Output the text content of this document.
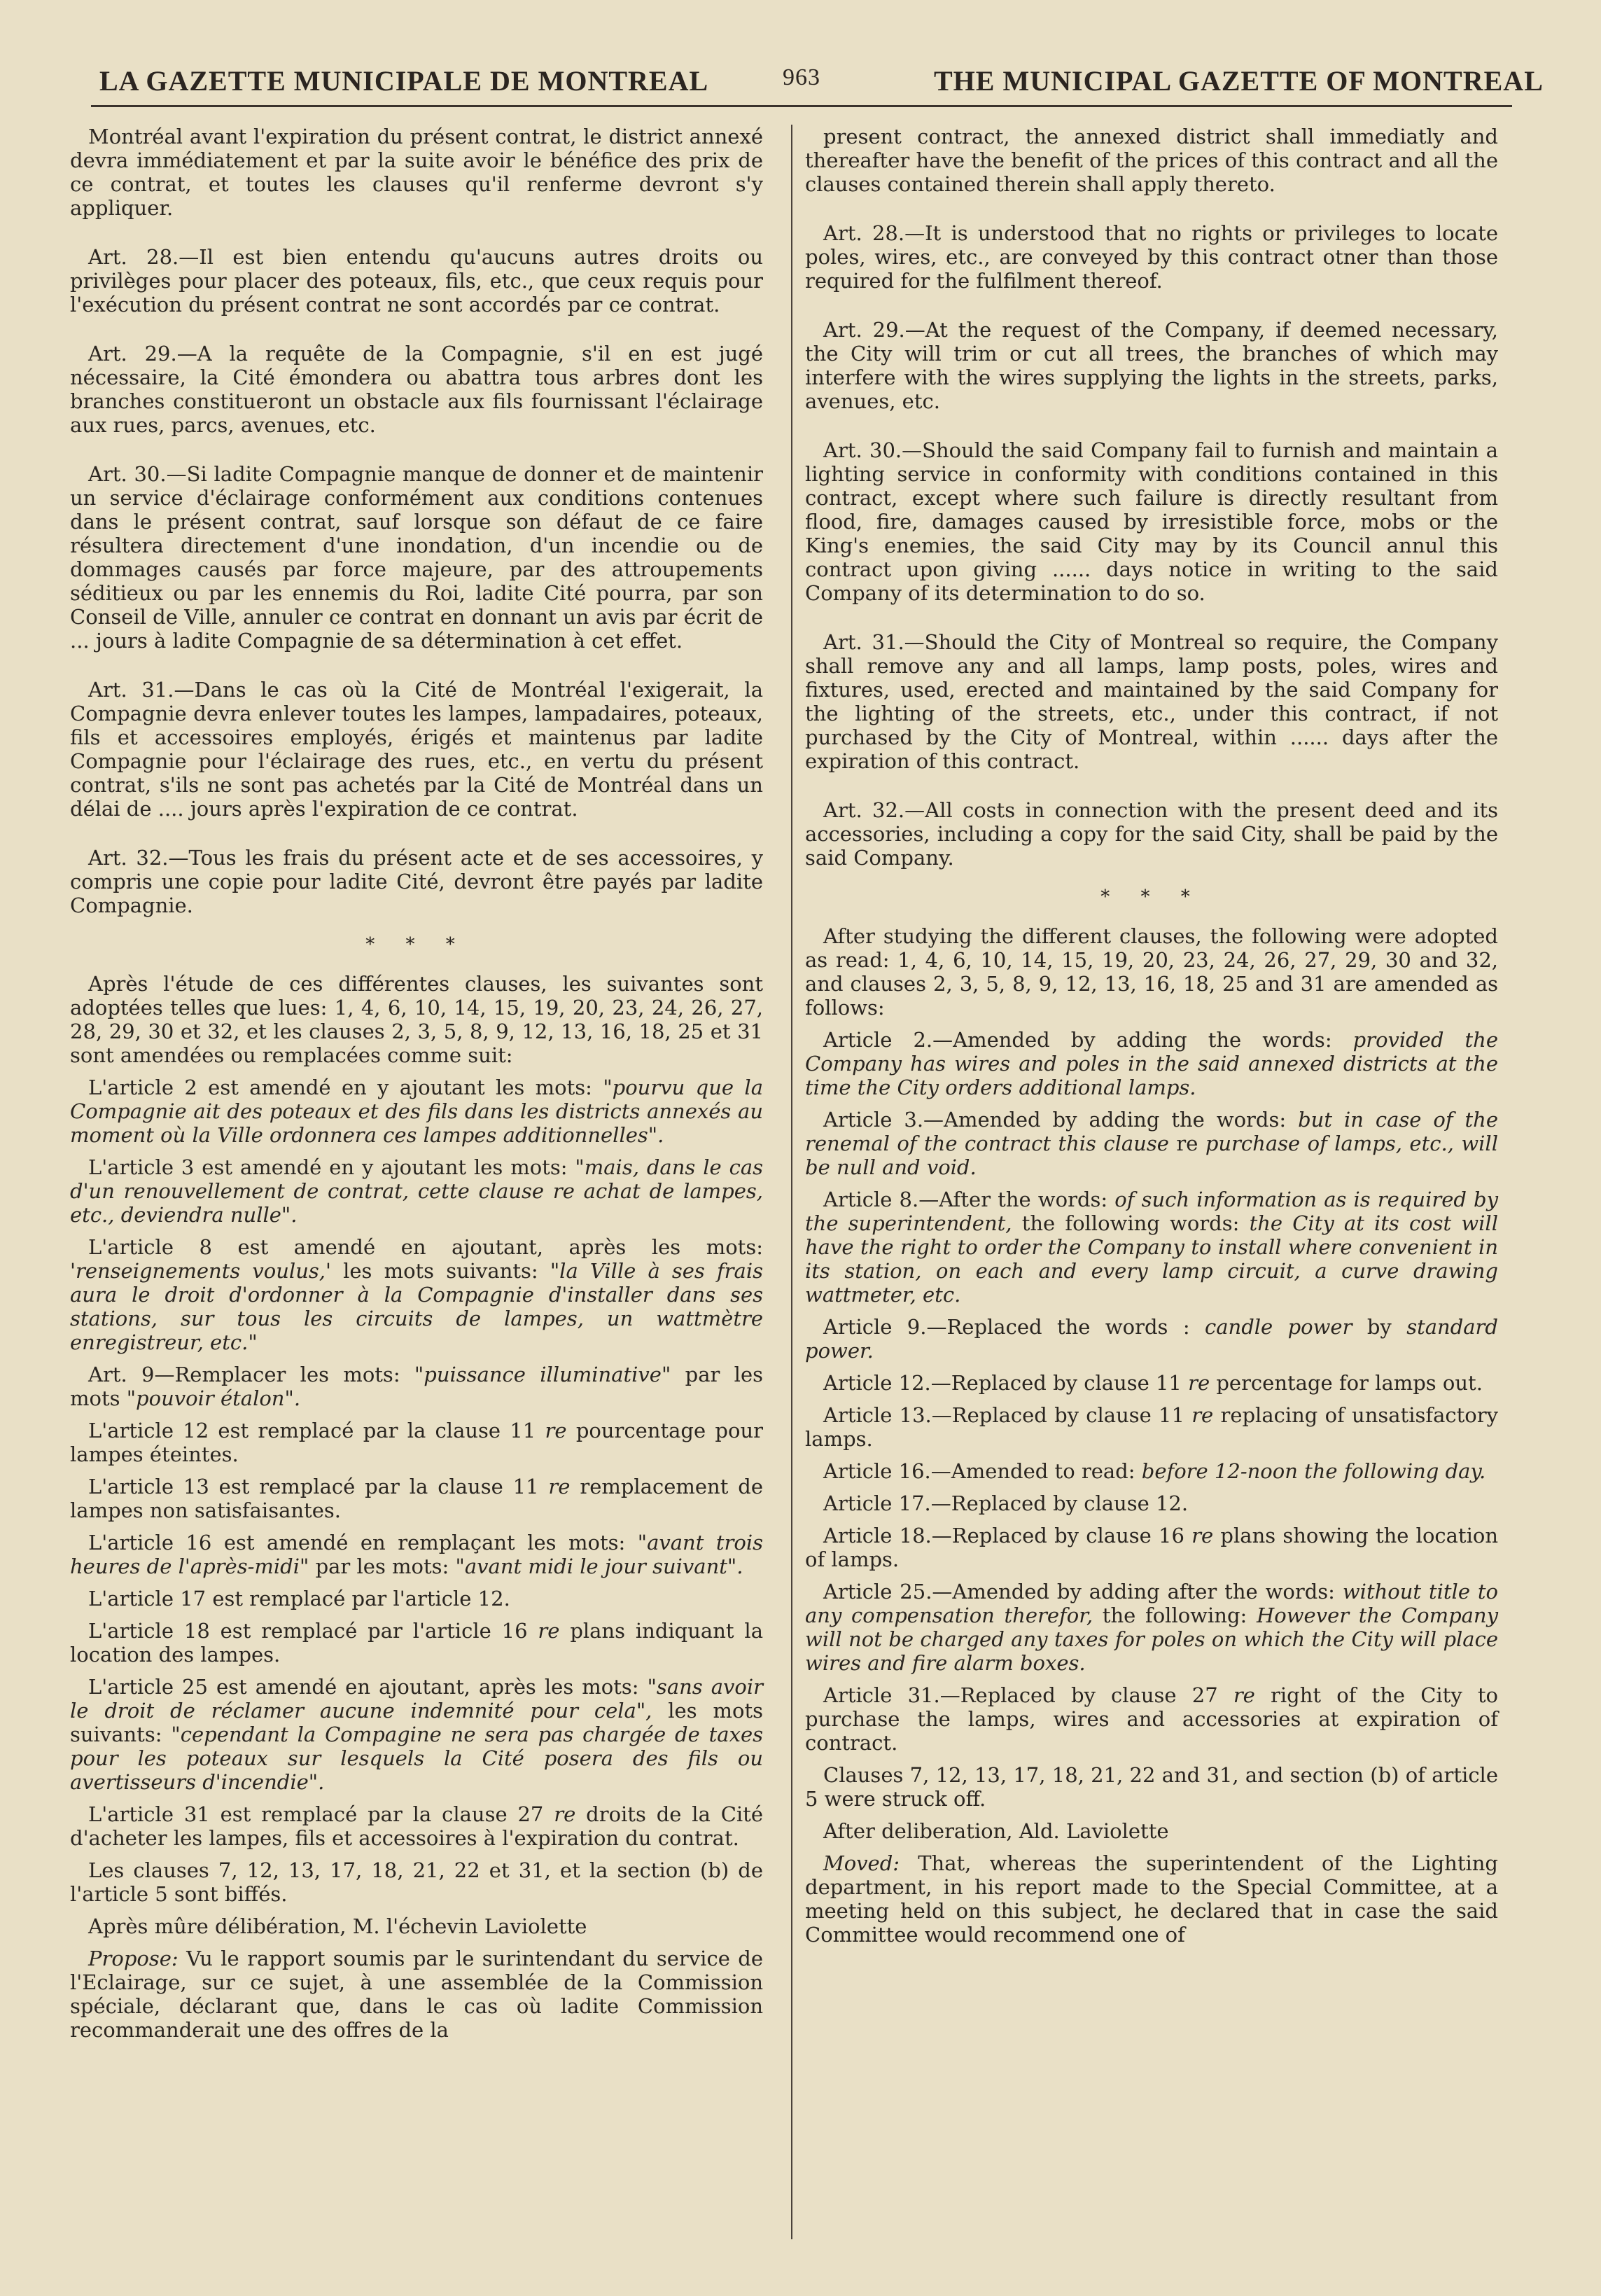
LA GAZETTE MUNICIPALE DE MONTREAL	963	THE MUNICIPAL GAZETTE OF MONTREAL

Montréal avant l'expiration du présent contrat, le district annexé devra immédiatement et par la suite avoir le bénéfice des prix de ce contrat, et toutes les clauses qu'il renferme devront s'y appliquer.

Art. 28.—Il est bien entendu qu'aucuns autres droits ou privilèges pour placer des poteaux, fils, etc., que ceux requis pour l'exécution du présent contrat ne sont accordés par ce contrat.

Art. 29.—A la requête de la Compagnie, s'il en est jugé nécessaire, la Cité émondera ou abattra tous arbres dont les branches constitueront un obstacle aux fils fournissant l'éclairage aux rues, parcs, avenues, etc.

Art. 30.—Si ladite Compagnie manque de donner et de maintenir un service d'éclairage conformément aux conditions contenues dans le présent contrat, sauf lorsque son défaut de ce faire résultera directement d'une inondation, d'un incendie ou de dommages causés par force majeure, par des attroupements séditieux ou par les ennemis du Roi, ladite Cité pourra, par son Conseil de Ville, annuler ce contrat en donnant un avis par écrit de ... jours à ladite Compagnie de sa détermination à cet effet.

Art. 31.—Dans le cas où la Cité de Montréal l'exigerait, la Compagnie devra enlever toutes les lampes, lampadaires, poteaux, fils et accessoires employés, érigés et maintenus par ladite Compagnie pour l'éclairage des rues, etc., en vertu du présent contrat, s'ils ne sont pas achetés par la Cité de Montréal dans un délai de .... jours après l'expiration de ce contrat.

Art. 32.—Tous les frais du présent acte et de ses accessoires, y compris une copie pour ladite Cité, devront être payés par ladite Compagnie.

* * *

Après l'étude de ces différentes clauses, les suivantes sont adoptées telles que lues: 1, 4, 6, 10, 14, 15, 19, 20, 23, 24, 26, 27, 28, 29, 30 et 32, et les clauses 2, 3, 5, 8, 9, 12, 13, 16, 18, 25 et 31 sont amendées ou remplacées comme suit:

L'article 2 est amendé en y ajoutant les mots: "pourvu que la Compagnie ait des poteaux et des fils dans les districts annexés au moment où la Ville ordonnera ces lampes additionnelles".

L'article 3 est amendé en y ajoutant les mots: "mais, dans le cas d'un renouvellement de contrat, cette clause re achat de lampes, etc., deviendra nulle".

L'article 8 est amendé en ajoutant, après les mots: 'renseignements voulus,' les mots suivants: "la Ville à ses frais aura le droit d'ordonner à la Compagnie d'installer dans ses stations, sur tous les circuits de lampes, un wattmètre enregistreur, etc."

Art. 9—Remplacer les mots: "puissance illuminative" par les mots "pouvoir étalon".

L'article 12 est remplacé par la clause 11 re pourcentage pour lampes éteintes.

L'article 13 est remplacé par la clause 11 re remplacement de lampes non satisfaisantes.

L'article 16 est amendé en remplaçant les mots: "avant trois heures de l'après-midi" par les mots: "avant midi le jour suivant".

L'article 17 est remplacé par l'article 12.

L'article 18 est remplacé par l'article 16 re plans indiquant la location des lampes.

L'article 25 est amendé en ajoutant, après les mots: "sans avoir le droit de réclamer aucune indemnité pour cela", les mots suivants: "cependant la Compagine ne sera pas chargée de taxes pour les poteaux sur lesquels la Cité posera des fils ou avertisseurs d'incendie".

L'article 31 est remplacé par la clause 27 re droits de la Cité d'acheter les lampes, fils et accessoires à l'expiration du contrat.

Les clauses 7, 12, 13, 17, 18, 21, 22 et 31, et la section (b) de l'article 5 sont biffés.

Après mûre délibération, M. l'échevin Laviolette

Propose: Vu le rapport soumis par le surintendant du service de l'Eclairage, sur ce sujet, à une assemblée de la Commission spéciale, déclarant que, dans le cas où ladite Commission recommanderait une des offres de la

present contract, the annexed district shall immediatly and thereafter have the benefit of the prices of this contract and all the clauses contained therein shall apply thereto.

Art. 28.—It is understood that no rights or privileges to locate poles, wires, etc., are conveyed by this contract otner than those required for the fulfilment thereof.

Art. 29.—At the request of the Company, if deemed necessary, the City will trim or cut all trees, the branches of which may interfere with the wires supplying the lights in the streets, parks, avenues, etc.

Art. 30.—Should the said Company fail to furnish and maintain a lighting service in conformity with conditions contained in this contract, except where such failure is directly resultant from flood, fire, damages caused by irresistible force, mobs or the King's enemies, the said City may by its Council annul this contract upon giving ...... days notice in writing to the said Company of its determination to do so.

Art. 31.—Should the City of Montreal so require, the Company shall remove any and all lamps, lamp posts, poles, wires and fixtures, used, erected and maintained by the said Company for the lighting of the streets, etc., under this contract, if not purchased by the City of Montreal, within ...... days after the expiration of this contract.

Art. 32.—All costs in connection with the present deed and its accessories, including a copy for the said City, shall be paid by the said Company.

* * *

After studying the different clauses, the following were adopted as read: 1, 4, 6, 10, 14, 15, 19, 20, 23, 24, 26, 27, 29, 30 and 32, and clauses 2, 3, 5, 8, 9, 12, 13, 16, 18, 25 and 31 are amended as follows:

Article 2.—Amended by adding the words: provided the Company has wires and poles in the said annexed districts at the time the City orders additional lamps.

Article 3.—Amended by adding the words: but in case of the renemal of the contract this clause re purchase of lamps, etc., will be null and void.

Article 8.—After the words: of such information as is required by the superintendent, the following words: the City at its cost will have the right to order the Company to install where convenient in its station, on each and every lamp circuit, a curve drawing wattmeter, etc.

Article 9.—Replaced the words : candle power by standard power.

Article 12.—Replaced by clause 11 re percentage for lamps out.

Article 13.—Replaced by clause 11 re replacing of unsatisfactory lamps.

Article 16.—Amended to read: before 12-noon the following day.

Article 17.—Replaced by clause 12.

Article 18.—Replaced by clause 16 re plans showing the location of lamps.

Article 25.—Amended by adding after the words: without title to any compensation therefor, the following: However the Company will not be charged any taxes for poles on which the City will place wires and fire alarm boxes.

Article 31.—Replaced by clause 27 re right of the City to purchase the lamps, wires and accessories at expiration of contract.

Clauses 7, 12, 13, 17, 18, 21, 22 and 31, and section (b) of article 5 were struck off.

After deliberation, Ald. Laviolette

Moved: That, whereas the superintendent of the Lighting department, in his report made to the Special Committee, at a meeting held on this subject, he declared that in case the said Committee would recommend one of
